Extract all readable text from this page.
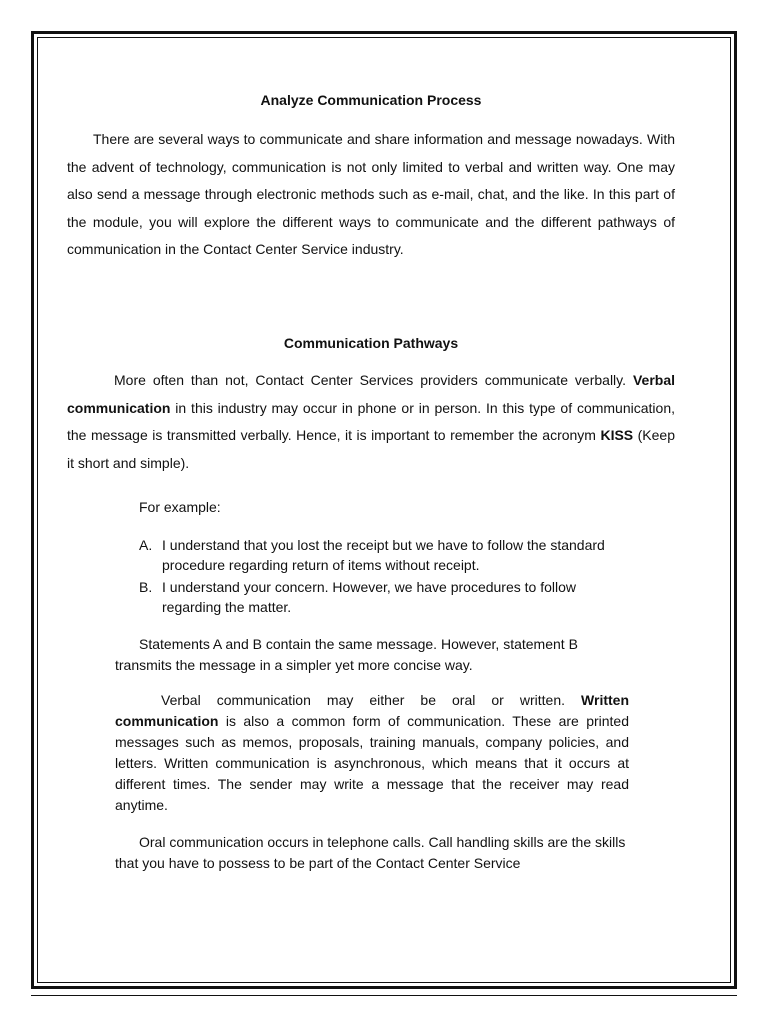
Analyze Communication Process

There are several ways to communicate and share information and message nowadays. With the advent of technology, communication is not only limited to verbal and written way. One may also send a message through electronic methods such as e-mail, chat, and the like. In this part of the module, you will explore the different ways to communicate and the different pathways of communication in the Contact Center Service industry.

Communication Pathways

More often than not, Contact Center Services providers communicate verbally. Verbal communication in this industry may occur in phone or in person. In this type of communication, the message is transmitted verbally. Hence, it is important to remember the acronym KISS (Keep it short and simple).

For example:

A. I understand that you lost the receipt but we have to follow the standard procedure regarding return of items without receipt.
B. I understand your concern. However, we have procedures to follow regarding the matter.

Statements A and B contain the same message. However, statement B transmits the message in a simpler yet more concise way.

Verbal communication may either be oral or written. Written communication is also a common form of communication. These are printed messages such as memos, proposals, training manuals, company policies, and letters. Written communication is asynchronous, which means that it occurs at different times. The sender may write a message that the receiver may read anytime.

Oral communication occurs in telephone calls. Call handling skills are the skills that you have to possess to be part of the Contact Center Service
